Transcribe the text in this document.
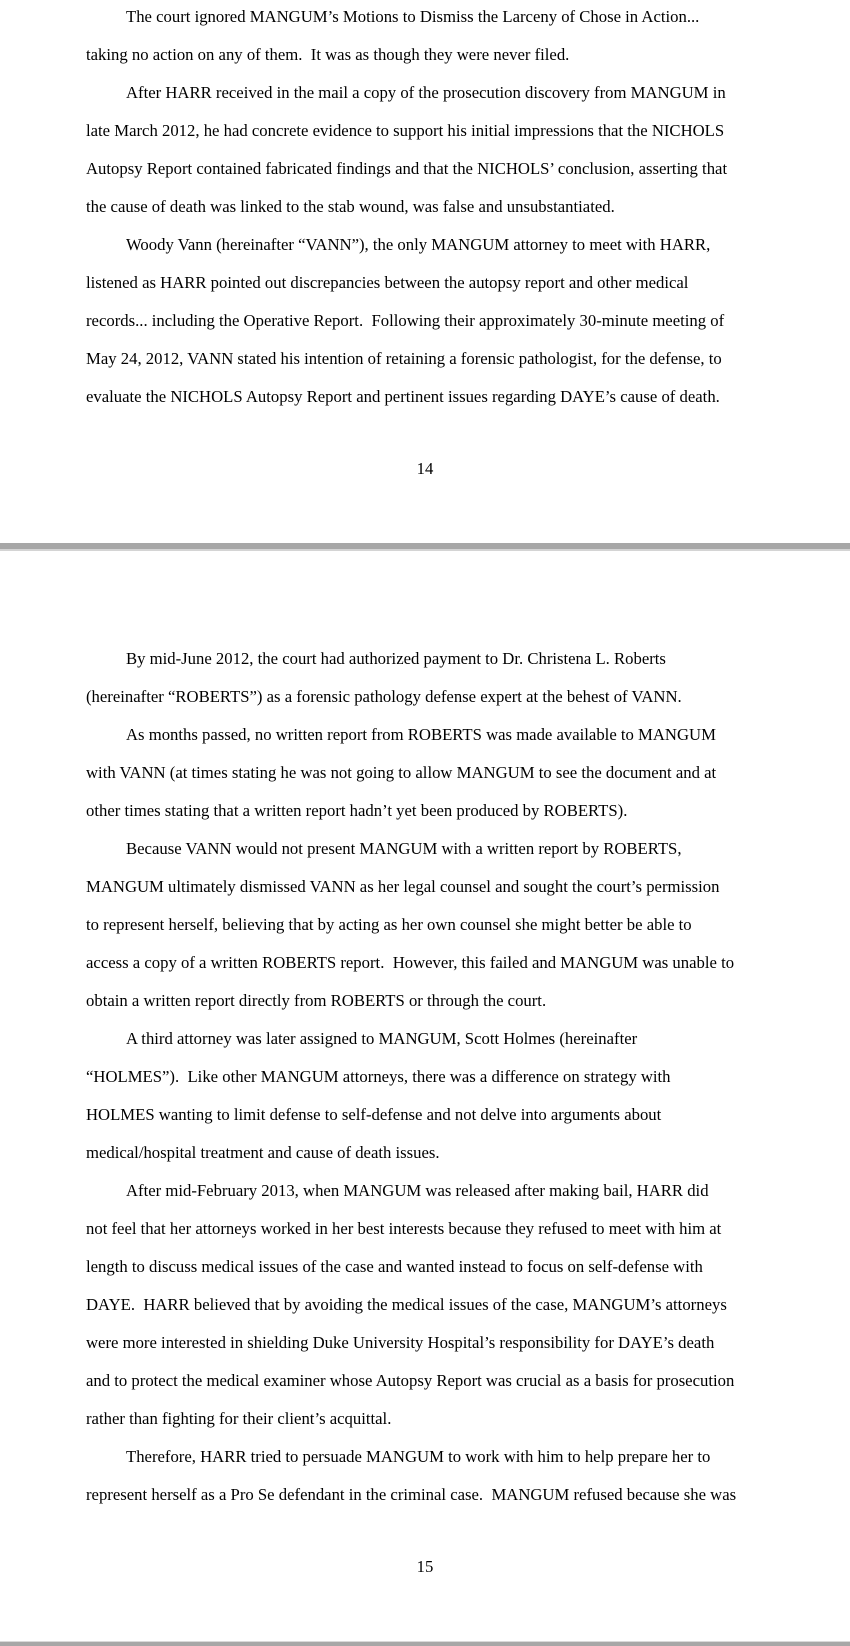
The court ignored MANGUM’s Motions to Dismiss the Larceny of Chose in Action...
taking no action on any of them.  It was as though they were never filed.
After HARR received in the mail a copy of the prosecution discovery from MANGUM in
late March 2012, he had concrete evidence to support his initial impressions that the NICHOLS
Autopsy Report contained fabricated findings and that the NICHOLS’ conclusion, asserting that
the cause of death was linked to the stab wound, was false and unsubstantiated.
Woody Vann (hereinafter “VANN”), the only MANGUM attorney to meet with HARR,
listened as HARR pointed out discrepancies between the autopsy report and other medical
records... including the Operative Report.  Following their approximately 30-minute meeting of
May 24, 2012, VANN stated his intention of retaining a forensic pathologist, for the defense, to
evaluate the NICHOLS Autopsy Report and pertinent issues regarding DAYE’s cause of death.
14
By mid-June 2012, the court had authorized payment to Dr. Christena L. Roberts
(hereinafter “ROBERTS”) as a forensic pathology defense expert at the behest of VANN.
As months passed, no written report from ROBERTS was made available to MANGUM
with VANN (at times stating he was not going to allow MANGUM to see the document and at
other times stating that a written report hadn’t yet been produced by ROBERTS).
Because VANN would not present MANGUM with a written report by ROBERTS,
MANGUM ultimately dismissed VANN as her legal counsel and sought the court’s permission
to represent herself, believing that by acting as her own counsel she might better be able to
access a copy of a written ROBERTS report.  However, this failed and MANGUM was unable to
obtain a written report directly from ROBERTS or through the court.
A third attorney was later assigned to MANGUM, Scott Holmes (hereinafter
“HOLMES”).  Like other MANGUM attorneys, there was a difference on strategy with
HOLMES wanting to limit defense to self-defense and not delve into arguments about
medical/hospital treatment and cause of death issues.
After mid-February 2013, when MANGUM was released after making bail, HARR did
not feel that her attorneys worked in her best interests because they refused to meet with him at
length to discuss medical issues of the case and wanted instead to focus on self-defense with
DAYE.  HARR believed that by avoiding the medical issues of the case, MANGUM’s attorneys
were more interested in shielding Duke University Hospital’s responsibility for DAYE’s death
and to protect the medical examiner whose Autopsy Report was crucial as a basis for prosecution
rather than fighting for their client’s acquittal.
Therefore, HARR tried to persuade MANGUM to work with him to help prepare her to
represent herself as a Pro Se defendant in the criminal case.  MANGUM refused because she was
15
